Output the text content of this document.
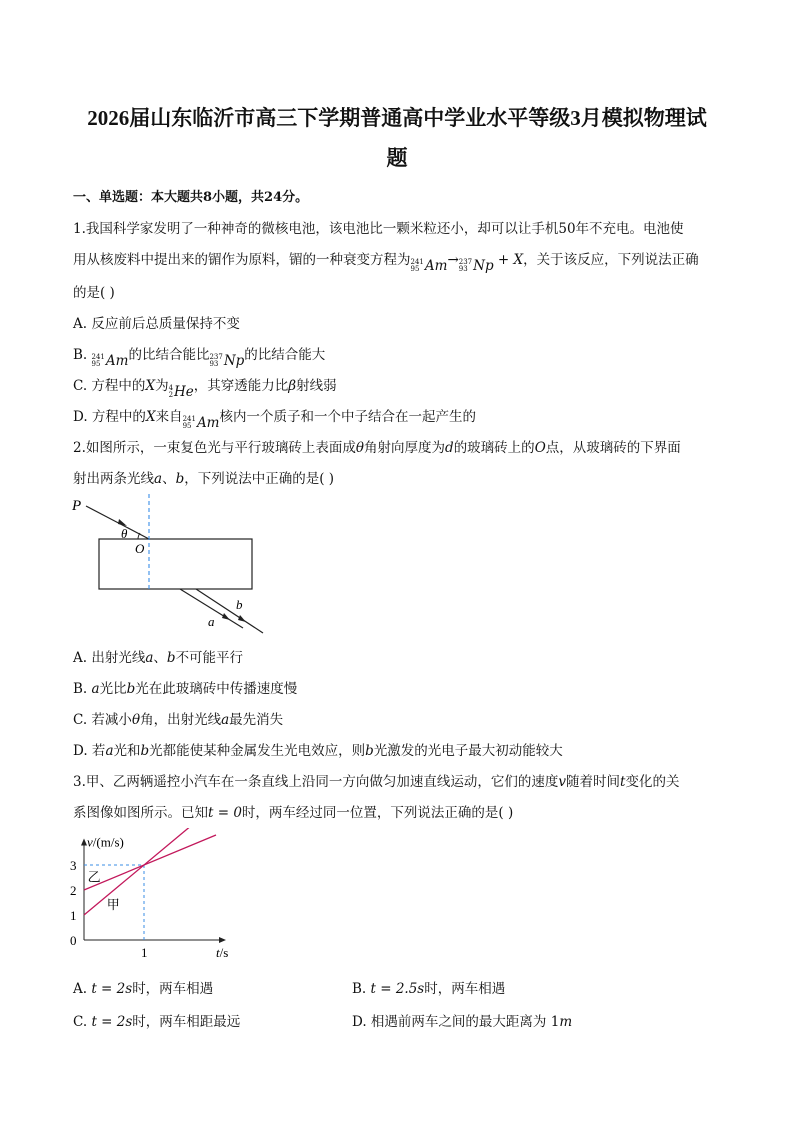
2026届山东临沂市高三下学期普通高中学业水平等级3月模拟物理试
题
一、单选题：本大题共8小题，共24分。
1.我国科学家发明了一种神奇的微核电池，该电池比一颗米粒还小，却可以让手机50年不充电。电池使
用从核废料中提出来的镅作为原料，镅的一种衰变方程为 241
95 Am → 237
93 Np + X，关于该反应，下列说法正确
的是( )
A. 反应前后总质量保持不变
B. 241
95 Am 的比结合能比 237
93 Np 的比结合能大
C. 方程中的X为 4
2 He ，其穿透能力比β射线弱
D. 方程中的X来自 241
95 Am 核内一个质子和一个中子结合在一起产生的
2.如图所示，一束复色光与平行玻璃砖上表面成θ角射向厚度为d的玻璃砖上的O点，从玻璃砖的下界面
射出两条光线a、b，下列说法中正确的是( )
P
θ
O
b
a
A. 出射光线a、b不可能平行
B. a光比b光在此玻璃砖中传播速度慢
C. 若减小θ角，出射光线a最先消失
D. 若a光和b光都能使某种金属发生光电效应，则b光激发的光电子最大初动能较大
3.甲、乙两辆遥控小汽车在一条直线上沿同一方向做匀加速直线运动，它们的速度v随着时间t变化的关
系图像如图所示。已知t = 0时，两车经过同一位置，下列说法正确的是( )
v/(m/s)
t/s
0
1
2
3
1
甲
乙
A. t = 2s时，两车相遇	B. t = 2.5s时，两车相遇
C. t = 2s时，两车相距最远	D. 相遇前两车之间的最大距离为 1m
